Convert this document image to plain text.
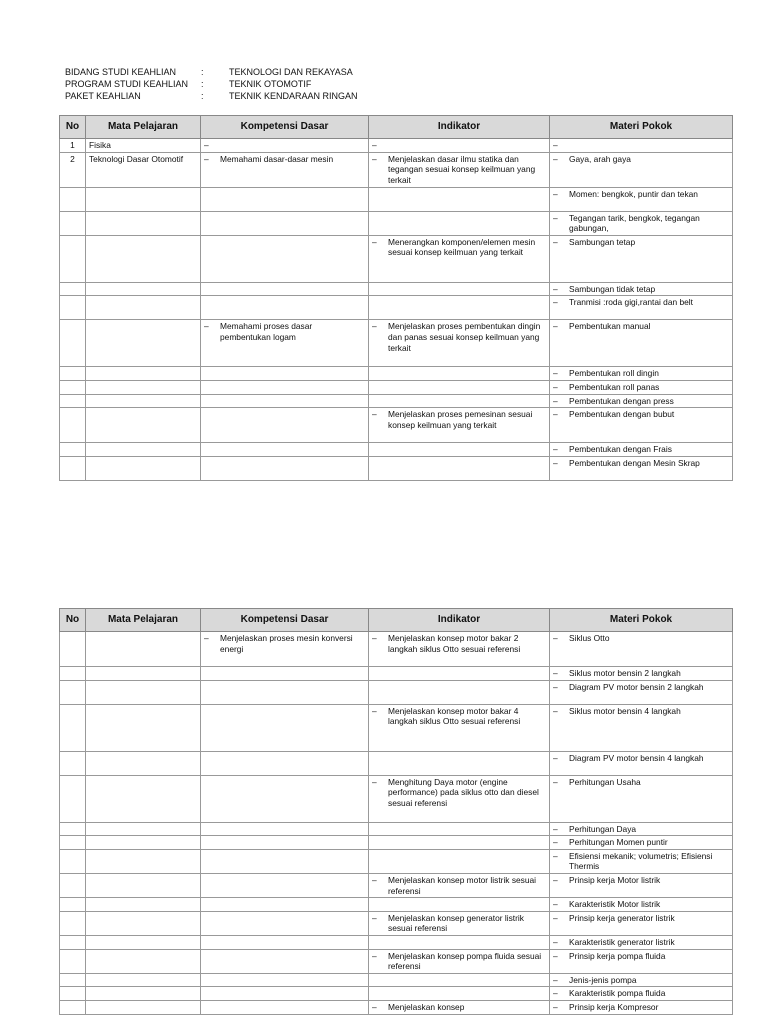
BIDANG STUDI KEAHLIAN	:	TEKNOLOGI DAN REKAYASA
PROGRAM STUDI KEAHLIAN	:	TEKNIK OTOMOTIF
PAKET KEAHLIAN	:	TEKNIK KENDARAAN RINGAN
No	Mata Pelajaran	Kompetensi Dasar	Indikator	Materi Pokok
1	Fisika	–	–	–

2	Teknologi Dasar Otomotif	– Memahami dasar-dasar mesin	– Menjelaskan dasar ilmu statika dan tegangan sesuai konsep keilmuan yang terkait	– Gaya, arah gaya

				– Momen: bengkok, puntir dan tekan

				– Tegangan tarik, bengkok, tegangan gabungan,

			– Menerangkan komponen/elemen mesin sesuai konsep keilmuan yang terkait	– Sambungan tetap

				– Sambungan tidak tetap

				– Tranmisi :roda gigi,rantai dan belt

		– Memahami proses dasar pembentukan logam	– Menjelaskan proses pembentukan dingin dan panas sesuai konsep keilmuan yang terkait	– Pembentukan manual

				– Pembentukan roll dingin

				– Pembentukan roll panas

				– Pembentukan dengan press

			– Menjelaskan proses pemesinan sesuai konsep keilmuan yang terkait	– Pembentukan dengan bubut

				– Pembentukan dengan Frais

				– Pembentukan dengan Mesin Skrap
No	Mata Pelajaran	Kompetensi Dasar	Indikator	Materi Pokok

		– Menjelaskan proses mesin konversi energi	– Menjelaskan konsep motor bakar 2 langkah siklus Otto sesuai referensi	– Siklus Otto

				– Siklus motor bensin 2 langkah

				– Diagram PV motor bensin 2 langkah

			– Menjelaskan konsep motor bakar 4 langkah siklus Otto sesuai referensi	– Siklus motor bensin 4 langkah

				– Diagram PV motor bensin 4 langkah

			– Menghitung Daya motor (engine performance) pada siklus otto dan diesel sesuai referensi	– Perhitungan Usaha

				– Perhitungan Daya

				– Perhitungan Momen puntir

				– Efisiensi mekanik; volumetris; Efisiensi Thermis

			– Menjelaskan konsep motor listrik sesuai referensi	– Prinsip kerja Motor listrik

				– Karakteristik Motor listrik

			– Menjelaskan konsep generator listrik sesuai referensi	– Prinsip kerja generator listrik

				– Karakteristik generator listrik

			– Menjelaskan konsep pompa fluida sesuai referensi	– Prinsip kerja pompa fluida

				– Jenis-jenis pompa

				– Karakteristik pompa fluida

			– Menjelaskan konsep	– Prinsip kerja Kompresor
